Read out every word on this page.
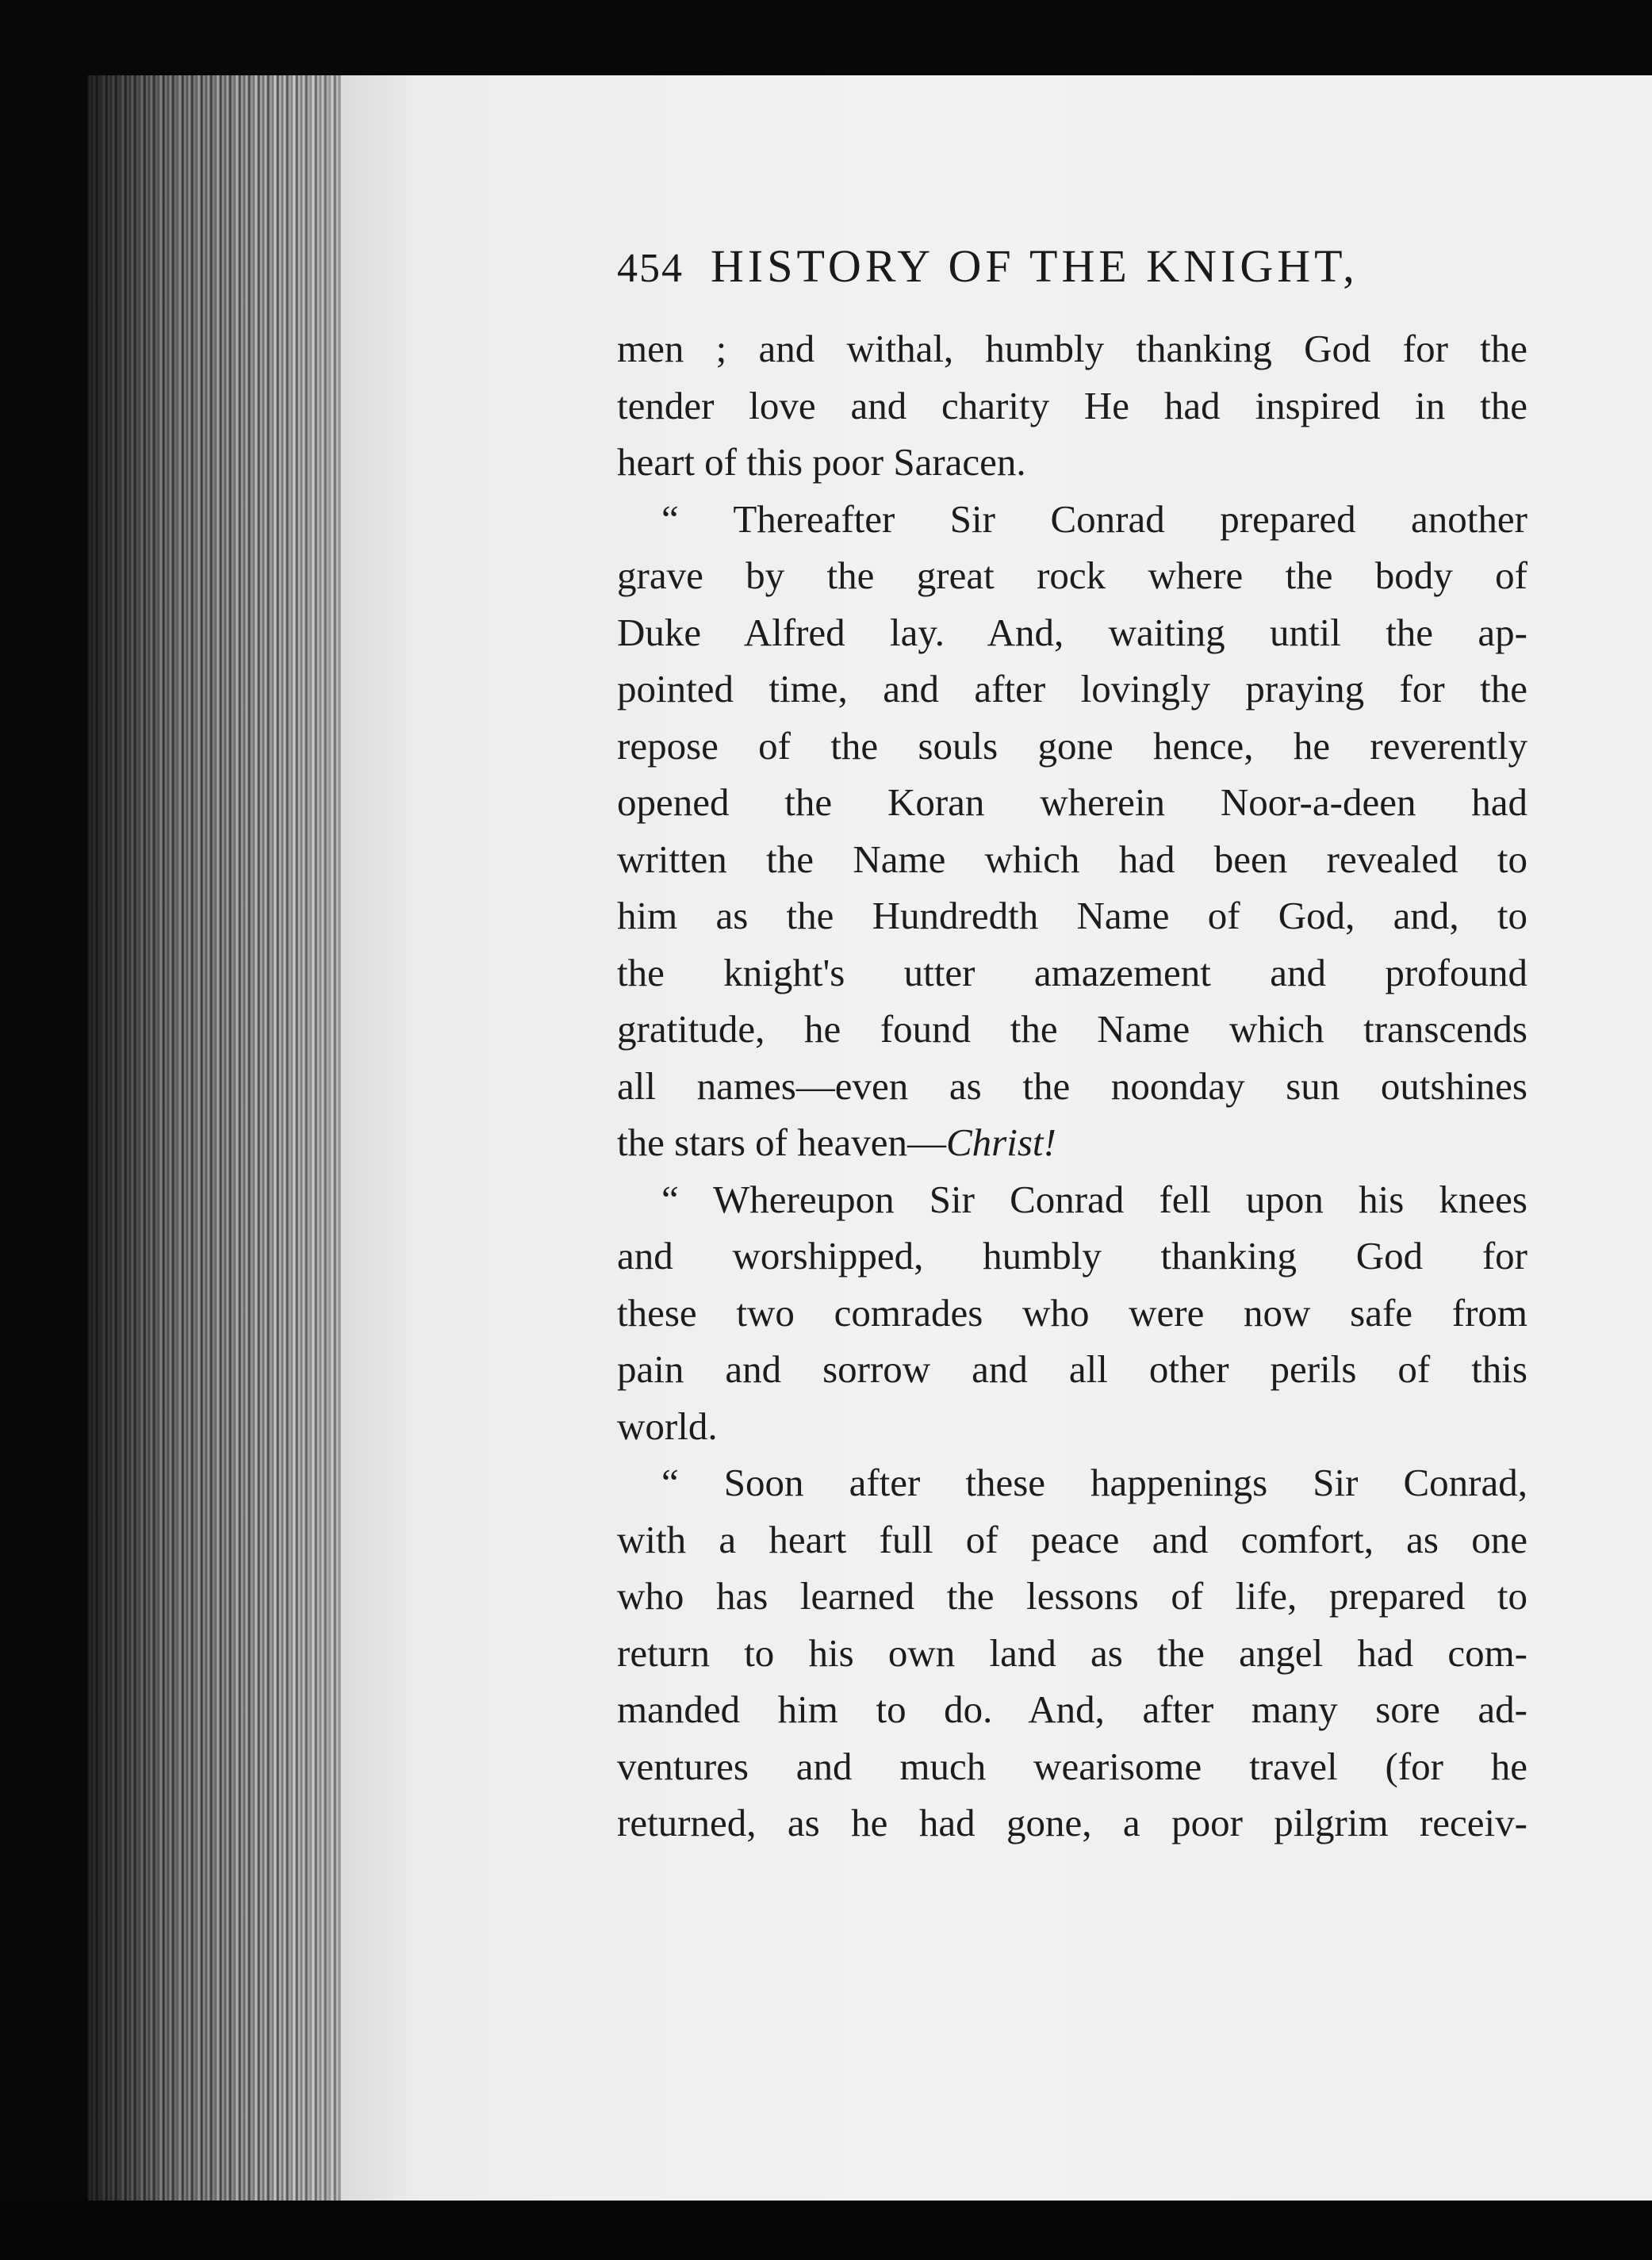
454 HISTORY OF THE KNIGHT,
men ; and withal, humbly thanking God for the
tender love and charity He had inspired in the
heart of this poor Saracen.
“ Thereafter Sir Conrad prepared another
grave by the great rock where the body of
Duke Alfred lay. And, waiting until the ap-
pointed time, and after lovingly praying for the
repose of the souls gone hence, he reverently
opened the Koran wherein Noor-a-deen had
written the Name which had been revealed to
him as the Hundredth Name of God, and, to
the knight's utter amazement and profound
gratitude, he found the Name which transcends
all names—even as the noonday sun outshines
the stars of heaven—Christ!
“ Whereupon Sir Conrad fell upon his knees
and worshipped, humbly thanking God for
these two comrades who were now safe from
pain and sorrow and all other perils of this
world.
“ Soon after these happenings Sir Conrad,
with a heart full of peace and comfort, as one
who has learned the lessons of life, prepared to
return to his own land as the angel had com-
manded him to do. And, after many sore ad-
ventures and much wearisome travel (for he
returned, as he had gone, a poor pilgrim receiv-
